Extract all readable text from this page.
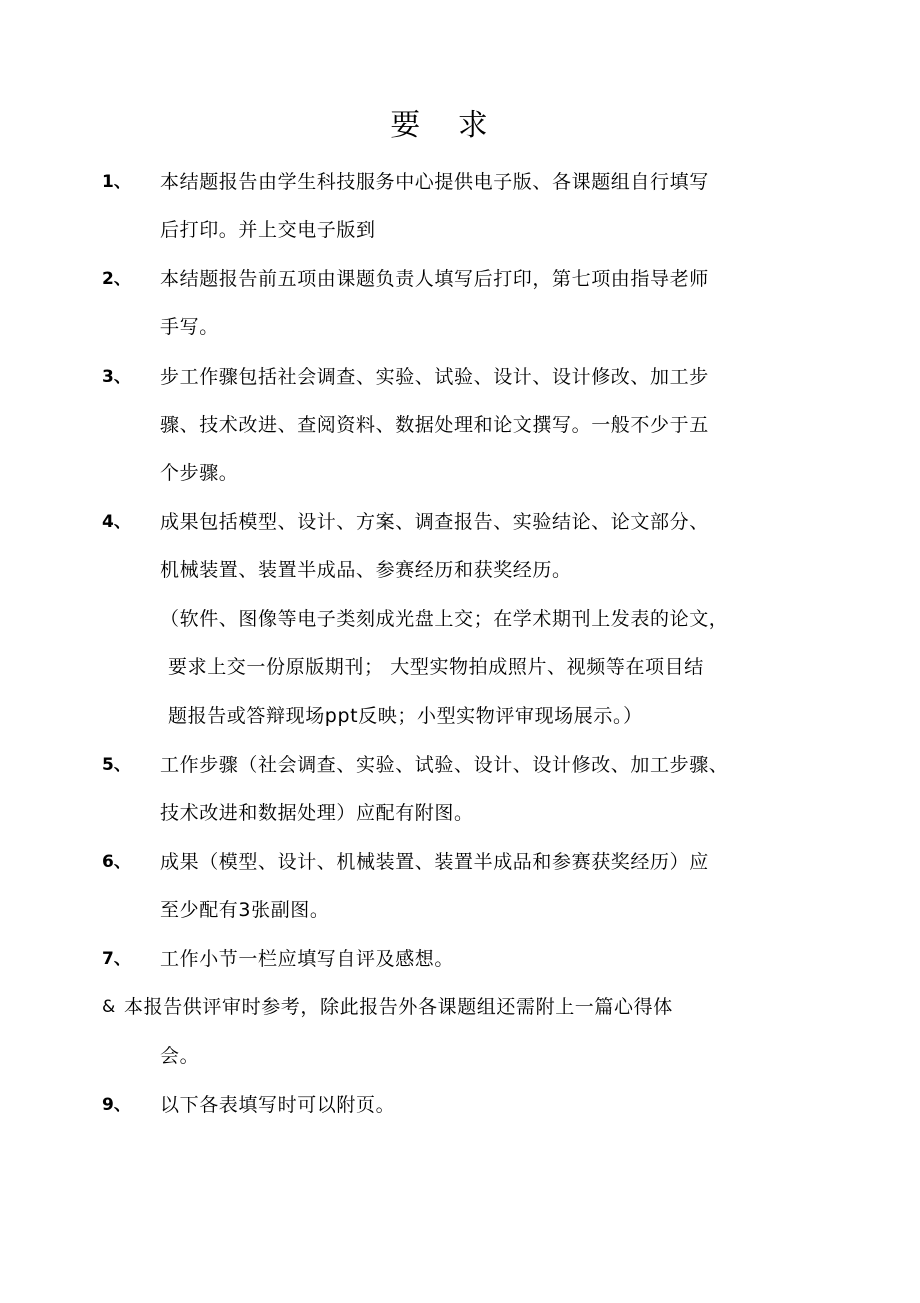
要 求
1、 本结题报告由学生科技服务中心提供电子版、各课题组自行填写
后打印。并上交电子版到
2、 本结题报告前五项由课题负责人填写后打印，第七项由指导老师
手写。
3、 步工作骤包括社会调查、实验、试验、设计、设计修改、加工步
骤、技术改进、查阅资料、数据处理和论文撰写。一般不少于五
个步骤。
4、 成果包括模型、设计、方案、调查报告、实验结论、论文部分、
机械装置、装置半成品、参赛经历和获奖经历。
（软件、图像等电子类刻成光盘上交；在学术期刊上发表的论文，
要求上交一份原版期刊； 大型实物拍成照片、视频等在项目结
题报告或答辩现场ppt反映；小型实物评审现场展示。）
5、 工作步骤（社会调查、实验、试验、设计、设计修改、加工步骤、
技术改进和数据处理）应配有附图。
6、 成果（模型、设计、机械装置、装置半成品和参赛获奖经历）应
至少配有3张副图。
7、 工作小节一栏应填写自评及感想。
& 本报告供评审时参考，除此报告外各课题组还需附上一篇心得体
会。
9、 以下各表填写时可以附页。
